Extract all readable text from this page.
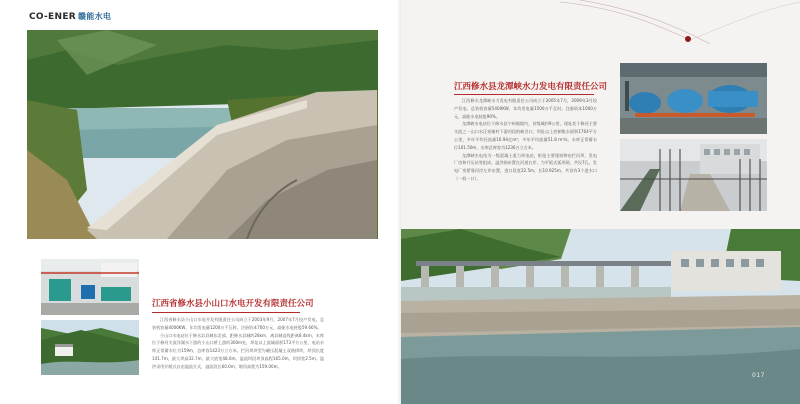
CO-ENER 赣能水电
江西修水县龙潭峡水力发电有限责任公司

江西修水龙潭峡水力发电有限责任公司成立于2005年7月，2009年3月投产发电。总装机容量5400KW，年均发电量1500万千瓦时。注册资本1000万元，高能水电持股90%。

龙潭峡水电站位于修水县宁州镇境内，首级城约9公里，现址处于修河主要支流之一山口水汪家铺村下游河段的峡谷口，坝址以上控制集水面积1764平方公里，多年平均径流量16.94亿m³，多年平均流量51.8 m³/s。水库正常蓄水位101.50m，水库总库容为1236万立方米。

龙潭峡水电站为一级混凝土重力坝电站，枢纽主要建筑物由拦河坝、发电厂房和升压站等组成。溢洪闸布置在河道右岸，为平板式弧形闸，共设7孔。发电厂房紧靠河岸左岸布置，进口段宽22.5m，长10.925m，共设有3个进水口（一机一口）。

江西省修水县小山口水电开发有限责任公司

江西省修水县小山口水电开发有限责任公司成立于2003年9月，2007年7月投产发电。总装机容量4000KW，年均发电量1200万千瓦时。注册资本700万元，高能水电持股59.66%。

小山口水电站位于修水县县城东北部，距修水县城约28km，离县城直线距离8.4km，水库位于修河支流洋湖水下游约小山口桥上游约300m处，坝址以上流域面积173平方公里，电站水库正常蓄水位为159m，总库容1423万立方米。拦河坝坝型为碾压混凝土双曲拱坝，坝顶长度141.7m，最大坝高32.7m，最大底宽48.0m。溢流坝段坝顶高程165.0m，坝顶宽2.5m。溢洪采用开敞式自由溢流方式，溢流段长60.0m，堰顶高程为159.00m。

017
